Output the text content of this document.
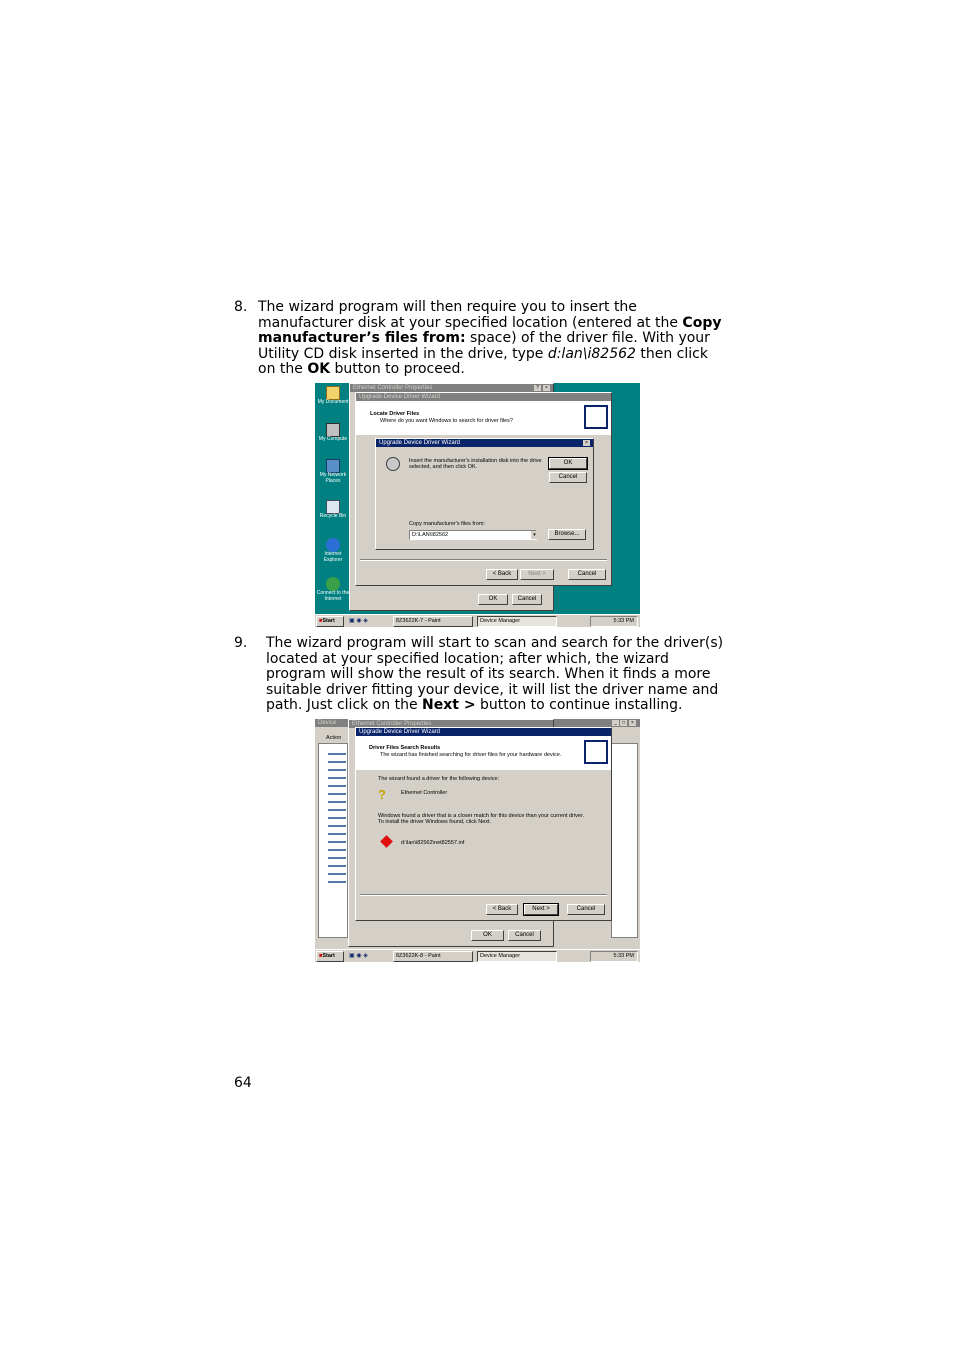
8. The wizard program will then require you to insert the
manufacturer disk at your specified location (entered at the Copy
manufacturer’s files from: space) of the driver file. With your
Utility CD disk inserted in the drive, type d:lan\i82562 then click
on the OK button to proceed.
My Document
My Compute
My Network Places
Recycle Bin
Internet Explorer
Connect to the Internet
Ethernet Controller Properties	?	×
OK	Cancel
Upgrade Device Driver Wizard
Locate Driver Files
Where do you want Windows to search for driver files?
< Back	Next >	Cancel
Upgrade Device Driver Wizard	×
Insert the manufacturer's installation disk into the drive
selected, and then click OK.
OK
Cancel
Copy manufacturer's files from:
D:\LAN\I82562	▾	Browse...
■Start	▣ ◉ ◈	8Z3622K-7 - Paint	Device Manager	5:33 PM
9. The wizard program will start to scan and search for the driver(s)
located at your specified location; after which, the wizard
program will show the result of its search. When it finds a more
suitable driver fitting your device, it will list the driver name and
path. Just click on the Next > button to continue installing.
Device	_	□	×
Action
Ethernet Controller Properties
OK	Cancel
Upgrade Device Driver Wizard
Driver Files Search Results
The wizard has finished searching for driver files for your hardware device.
The wizard found a driver for the following device:
?	Ethernet Controller
Windows found a driver that is a closer match for this device than your current driver.
To install the driver Windows found, click Next.
d:\lan\i82562\net82557.inf
< Back	Next >	Cancel
■Start	▣ ◉ ◈	8Z3622K-8 - Paint	Device Manager	5:33 PM
64
